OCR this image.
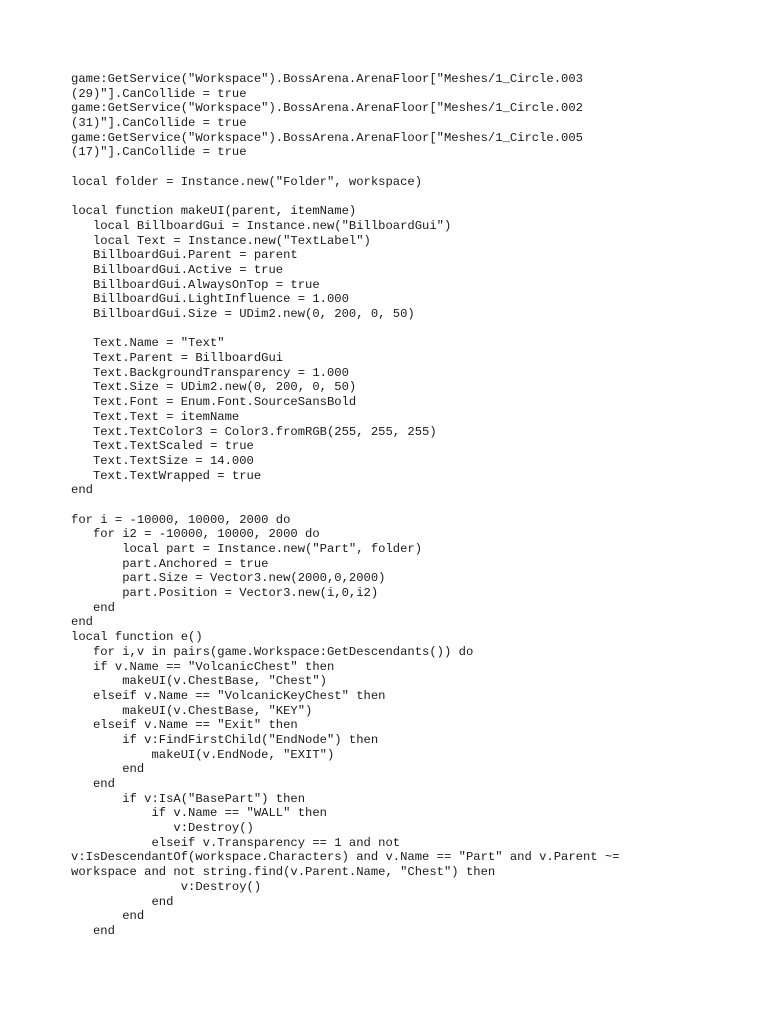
game:GetService("Workspace").BossArena.ArenaFloor["Meshes/1_Circle.003
(29)"].CanCollide = true
game:GetService("Workspace").BossArena.ArenaFloor["Meshes/1_Circle.002
(31)"].CanCollide = true
game:GetService("Workspace").BossArena.ArenaFloor["Meshes/1_Circle.005
(17)"].CanCollide = true
local folder = Instance.new("Folder", workspace)
local function makeUI(parent, itemName)
local BillboardGui = Instance.new("BillboardGui")
local Text = Instance.new("TextLabel")
BillboardGui.Parent = parent
BillboardGui.Active = true
BillboardGui.AlwaysOnTop = true
BillboardGui.LightInfluence = 1.000
BillboardGui.Size = UDim2.new(0, 200, 0, 50)
Text.Name = "Text"
Text.Parent = BillboardGui
Text.BackgroundTransparency = 1.000
Text.Size = UDim2.new(0, 200, 0, 50)
Text.Font = Enum.Font.SourceSansBold
Text.Text = itemName
Text.TextColor3 = Color3.fromRGB(255, 255, 255)
Text.TextScaled = true
Text.TextSize = 14.000
Text.TextWrapped = true
end
for i = -10000, 10000, 2000 do
for i2 = -10000, 10000, 2000 do
local part = Instance.new("Part", folder)
part.Anchored = true
part.Size = Vector3.new(2000,0,2000)
part.Position = Vector3.new(i,0,i2)
end
end
local function e()
for i,v in pairs(game.Workspace:GetDescendants()) do
if v.Name == "VolcanicChest" then
makeUI(v.ChestBase, "Chest")
elseif v.Name == "VolcanicKeyChest" then
makeUI(v.ChestBase, "KEY")
elseif v.Name == "Exit" then
if v:FindFirstChild("EndNode") then
makeUI(v.EndNode, "EXIT")
end
end
if v:IsA("BasePart") then
if v.Name == "WALL" then
v:Destroy()
elseif v.Transparency == 1 and not
v:IsDescendantOf(workspace.Characters) and v.Name == "Part" and v.Parent ~=
workspace and not string.find(v.Parent.Name, "Chest") then
v:Destroy()
end
end
end
